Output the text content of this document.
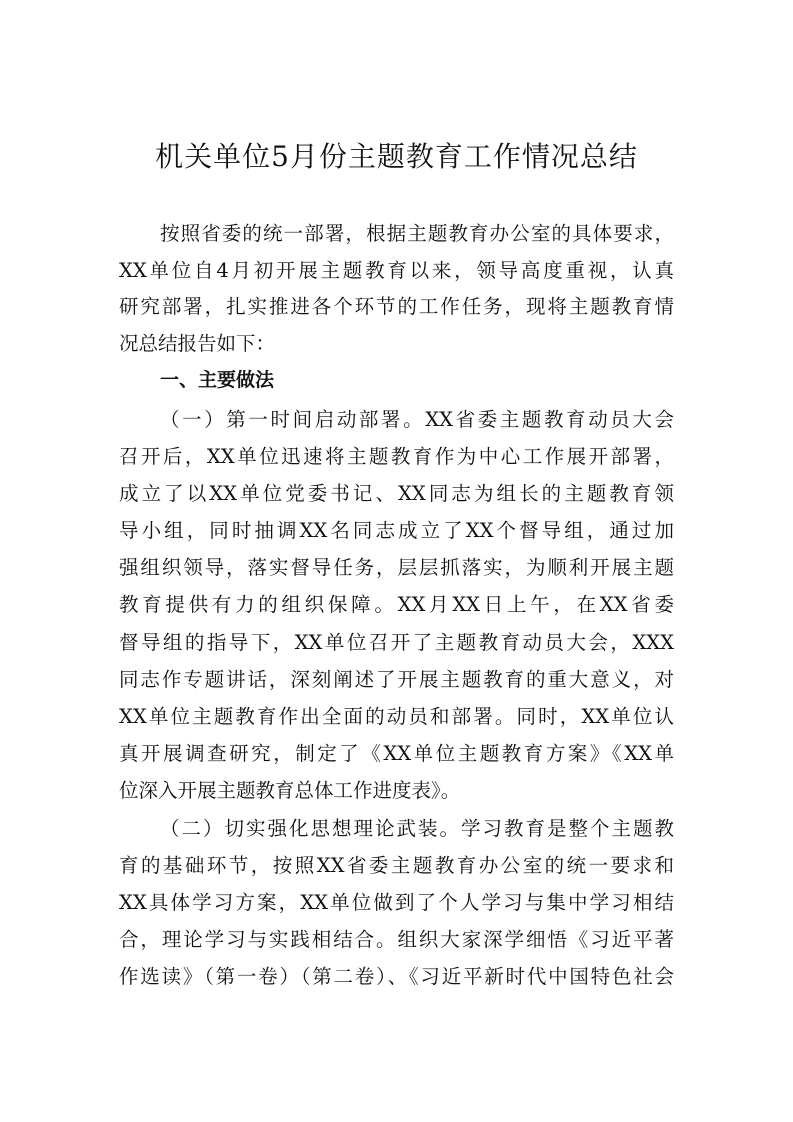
机关单位5月份主题教育工作情况总结
按照省委的统一部署，根据主题教育办公室的具体要求，
XX单位自4月初开展主题教育以来，领导高度重视，认真
研究部署，扎实推进各个环节的工作任务，现将主题教育情
况总结报告如下：
一、主要做法
（一）第一时间启动部署。XX省委主题教育动员大会
召开后，XX单位迅速将主题教育作为中心工作展开部署，
成立了以XX单位党委书记、XX同志为组长的主题教育领
导小组，同时抽调XX名同志成立了XX个督导组，通过加
强组织领导，落实督导任务，层层抓落实，为顺利开展主题
教育提供有力的组织保障。XX月XX日上午，在XX省委
督导组的指导下，XX单位召开了主题教育动员大会，XXX
同志作专题讲话，深刻阐述了开展主题教育的重大意义，对
XX单位主题教育作出全面的动员和部署。同时，XX单位认
真开展调查研究，制定了《XX单位主题教育方案》《XX单
位深入开展主题教育总体工作进度表》。
（二）切实强化思想理论武装。学习教育是整个主题教
育的基础环节，按照XX省委主题教育办公室的统一要求和
XX具体学习方案，XX单位做到了个人学习与集中学习相结
合，理论学习与实践相结合。组织大家深学细悟《习近平著
作选读》（第一卷）（第二卷）、《习近平新时代中国特色社会
